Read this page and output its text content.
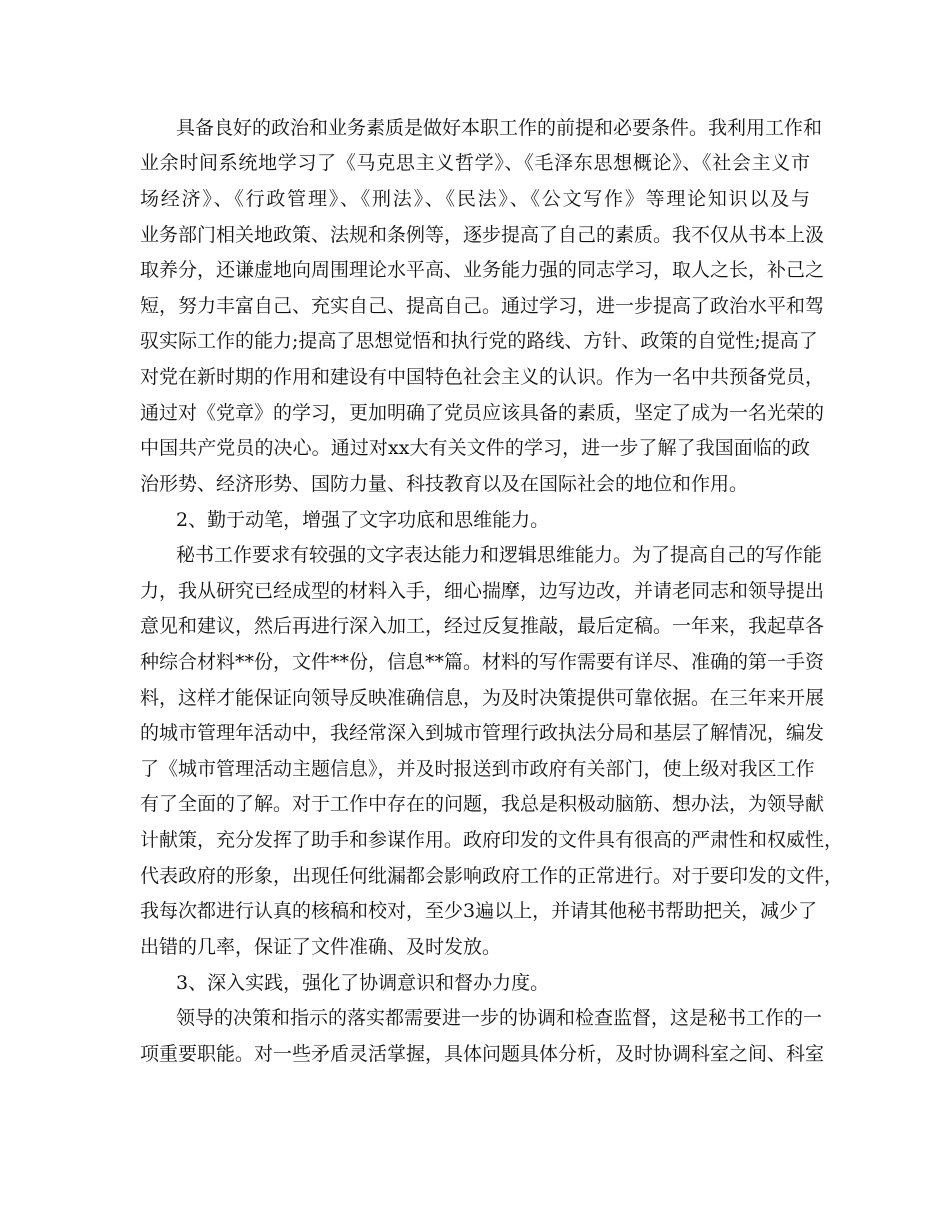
具备良好的政治和业务素质是做好本职工作的前提和必要条件。我利用工作和
业余时间系统地学习了《马克思主义哲学》、《毛泽东思想概论》、《社会主义市
场经济》、《行政管理》、《刑法》、《民法》、《公文写作》等理论知识以及与
业务部门相关地政策、法规和条例等，逐步提高了自己的素质。我不仅从书本上汲
取养分，还谦虚地向周围理论水平高、业务能力强的同志学习，取人之长，补己之
短，努力丰富自己、充实自己、提高自己。通过学习，进一步提高了政治水平和驾
驭实际工作的能力;提高了思想觉悟和执行党的路线、方针、政策的自觉性;提高了
对党在新时期的作用和建设有中国特色社会主义的认识。作为一名中共预备党员，
通过对《党章》的学习，更加明确了党员应该具备的素质，坚定了成为一名光荣的
中国共产党员的决心。通过对xx大有关文件的学习，进一步了解了我国面临的政
治形势、经济形势、国防力量、科技教育以及在国际社会的地位和作用。
2、勤于动笔，增强了文字功底和思维能力。
秘书工作要求有较强的文字表达能力和逻辑思维能力。为了提高自己的写作能
力，我从研究已经成型的材料入手，细心揣摩，边写边改，并请老同志和领导提出
意见和建议，然后再进行深入加工，经过反复推敲，最后定稿。一年来，我起草各
种综合材料**份，文件**份，信息**篇。材料的写作需要有详尽、准确的第一手资
料，这样才能保证向领导反映准确信息，为及时决策提供可靠依据。在三年来开展
的城市管理年活动中，我经常深入到城市管理行政执法分局和基层了解情况，编发
了《城市管理活动主题信息》，并及时报送到市政府有关部门，使上级对我区工作
有了全面的了解。对于工作中存在的问题，我总是积极动脑筋、想办法，为领导献
计献策，充分发挥了助手和参谋作用。政府印发的文件具有很高的严肃性和权威性，
代表政府的形象，出现任何纰漏都会影响政府工作的正常进行。对于要印发的文件，
我每次都进行认真的核稿和校对，至少3遍以上，并请其他秘书帮助把关，减少了
出错的几率，保证了文件准确、及时发放。
3、深入实践，强化了协调意识和督办力度。
领导的决策和指示的落实都需要进一步的协调和检查监督，这是秘书工作的一
项重要职能。对一些矛盾灵活掌握，具体问题具体分析，及时协调科室之间、科室
